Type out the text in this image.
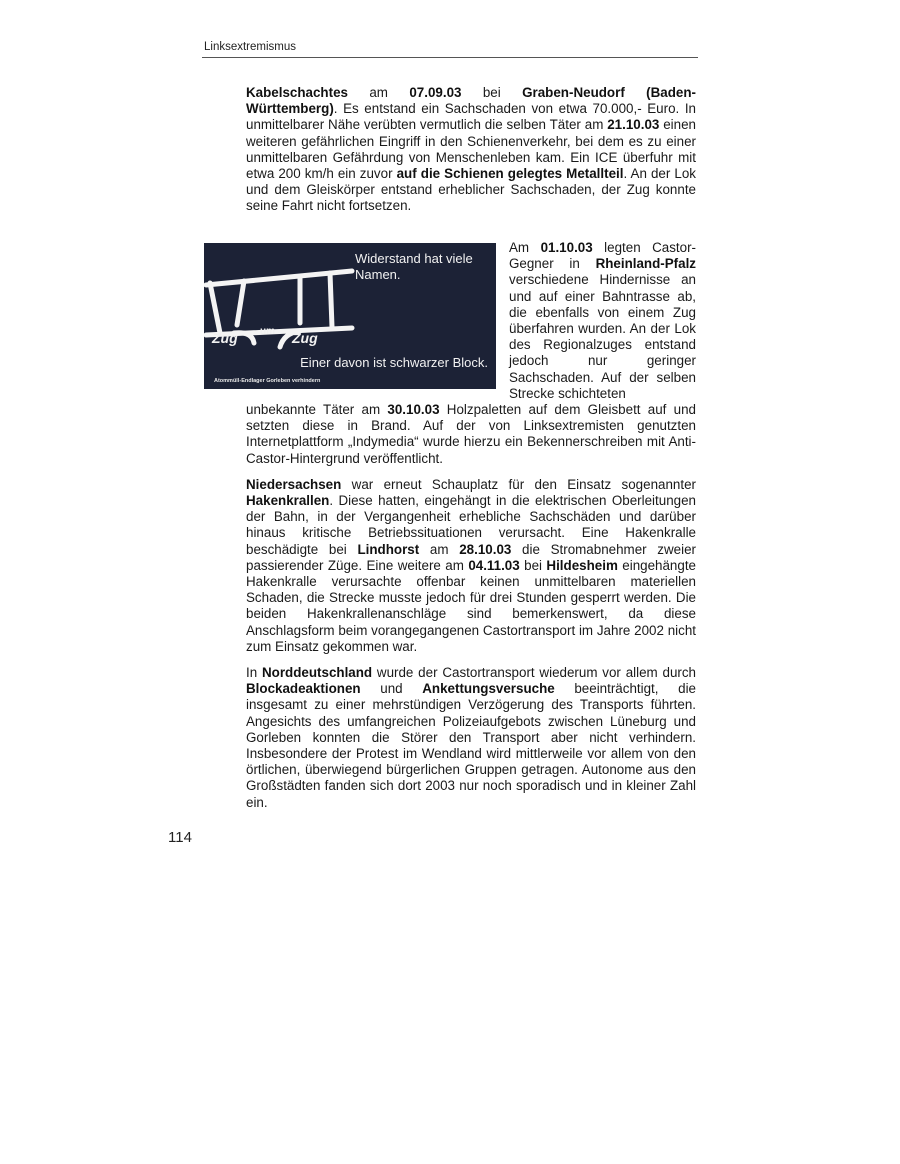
Linksextremismus

Kabelschachtes am 07.09.03 bei Graben-Neudorf (Baden-Württemberg). Es entstand ein Sachschaden von etwa 70.000,- Euro. In unmittelbarer Nähe verübten vermutlich die selben Täter am 21.10.03 einen weiteren gefährlichen Eingriff in den Schienenverkehr, bei dem es zu einer unmittelbaren Gefährdung von Menschenleben kam. Ein ICE überfuhr mit etwa 200 km/h ein zuvor auf die Schienen gelegtes Metallteil. An der Lok und dem Gleiskörper entstand erheblicher Sachschaden, der Zug konnte seine Fahrt nicht fortsetzen.

Zug um Zug
Widerstand hat viele Namen.
Einer davon ist schwarzer Block.
Atommüll-Endlager Gorleben verhindern
Am 01.10.03 legten Castor-Gegner in Rheinland-Pfalz verschiedene Hindernisse an und auf einer Bahntrasse ab, die ebenfalls von einem Zug überfahren wurden. An der Lok des Regionalzuges entstand jedoch nur geringer Sachschaden. Auf der selben Strecke schichteten

unbekannte Täter am 30.10.03 Holzpaletten auf dem Gleisbett auf und setzten diese in Brand. Auf der von Linksextremisten genutzten Internetplattform „Indymedia“ wurde hierzu ein Bekennerschreiben mit Anti-Castor-Hintergrund veröffentlicht.

Niedersachsen war erneut Schauplatz für den Einsatz sogenannter Hakenkrallen. Diese hatten, eingehängt in die elektrischen Oberleitungen der Bahn, in der Vergangenheit erhebliche Sachschäden und darüber hinaus kritische Betriebssituationen verursacht. Eine Hakenkralle beschädigte bei Lindhorst am 28.10.03 die Stromabnehmer zweier passierender Züge. Eine weitere am 04.11.03 bei Hildesheim eingehängte Hakenkralle verursachte offenbar keinen unmittelbaren materiellen Schaden, die Strecke musste jedoch für drei Stunden gesperrt werden. Die beiden Hakenkrallenanschläge sind bemerkenswert, da diese Anschlagsform beim vorangegangenen Castortransport im Jahre 2002 nicht zum Einsatz gekommen war.

In Norddeutschland wurde der Castortransport wiederum vor allem durch Blockadeaktionen und Ankettungsversuche beeinträchtigt, die insgesamt zu einer mehrstündigen Verzögerung des Transports führten. Angesichts des umfangreichen Polizeiaufgebots zwischen Lüneburg und Gorleben konnten die Störer den Transport aber nicht verhindern. Insbesondere der Protest im Wendland wird mittlerweile vor allem von den örtlichen, überwiegend bürgerlichen Gruppen getragen. Autonome aus den Großstädten fanden sich dort 2003 nur noch sporadisch und in kleiner Zahl ein.

114
